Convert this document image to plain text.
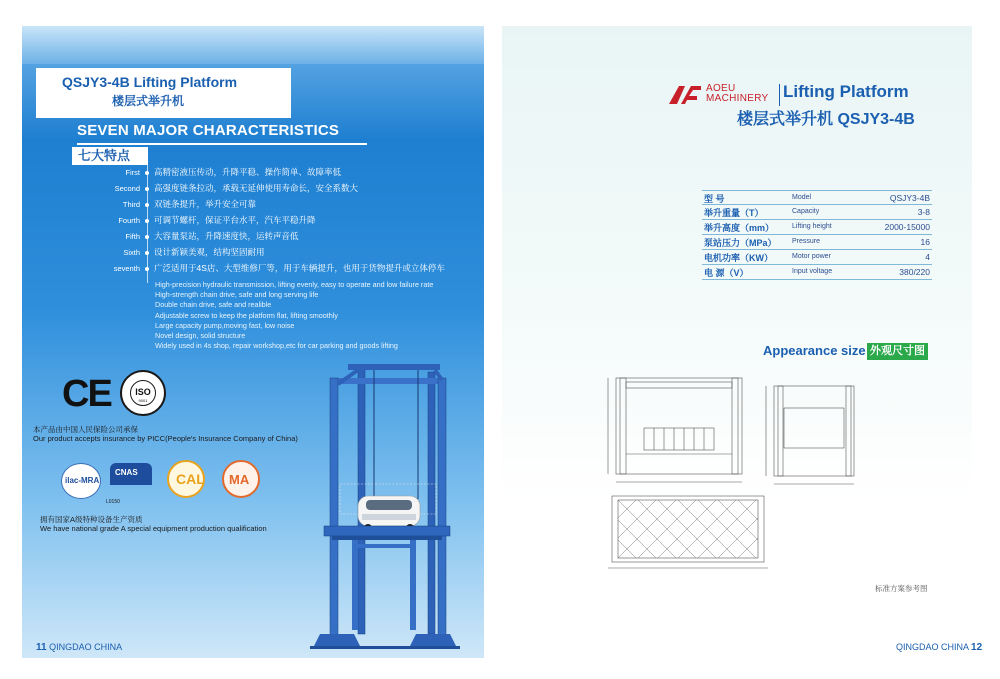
QSJY3-4B Lifting Platform
楼层式举升机
SEVEN MAJOR CHARACTERISTICS
七大特点
First 高精密液压传动，升降平稳、操作简单、故障率低
Second 高强度链条拉动，承载无延伸使用寿命长，安全系数大
Third 双链条提升，举升安全可靠
Fourth 可调节螺杆，保证平台水平，汽车平稳升降
Fifth 大容量泵站，升降速度快，运转声音低
Sixth 设计新颖美观，结构坚固耐用
seventh 广泛适用于4S店、大型维修厂等，用于车辆提升，也用于货物提升或立体停车
High-precision hydraulic transmission, lifting evenly, easy to operate and low failure rate
High-strength chain drive, safe and long serving life
Double chain drive, safe and realible
Adjustable screw to keep the platform flat, lifting smoothly
Large capacity pump,moving fast, low noise
Novel design, solid structure
Widely used in 4s shop, repair workshop,etc for car parking and goods lifting
CE	ISO
9001
本产品由中国人民保险公司承保
Our product accepts insurance by PICC(People's Insurance Company of China)
ilac-MRA
CNAS
L0150
CAL MA
拥有国家A级特种设备生产资质
We have national grade A special equipment production qualification
11 QINGDAO CHINA
AOEU
MACHINERY Lifting Platform
楼层式举升机 QSJY3-4B
型 号	Model	QSJY3-4B
举升重量（T）	Capacity	3-8
举升高度（mm）	Lifting height	2000-15000
泵站压力（MPa） Pressure	16
电机功率（KW）	Motor power	4
电 源（V）	Input voltage	380/220
Appearance size 外观尺寸图
标准方案参考图
QINGDAO CHINA 12
